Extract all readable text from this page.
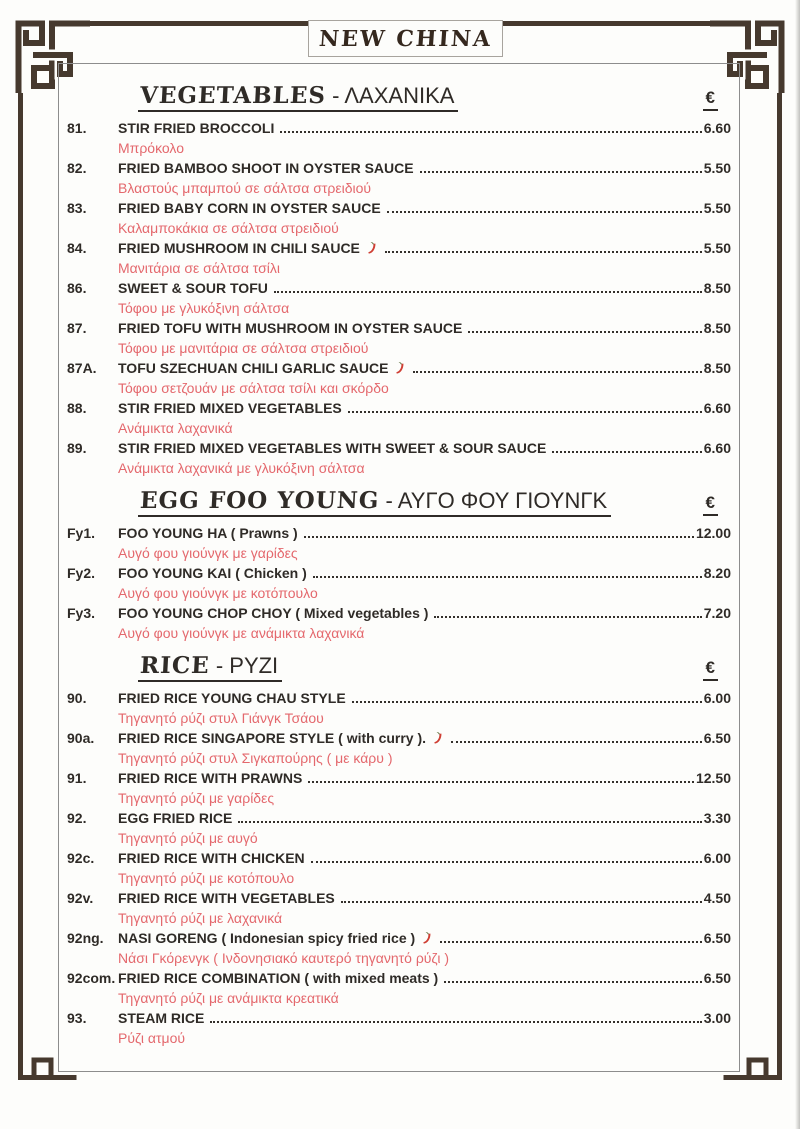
NEW CHINA
VEGETABLES - ΛΑΧΑΝΙΚΑ	€
81.	STIR FRIED BROCCOLI	6.60
Μπρόκολο
82.	FRIED BAMBOO SHOOT IN OYSTER SAUCE	5.50
Βλαστούς μπαμπού σε σάλτσα στρειδιού
83.	FRIED BABY CORN IN OYSTER SAUCE	5.50
Καλαμποκάκια σε σάλτσα στρειδιού
84.	FRIED MUSHROOM IN CHILI SAUCE	5.50
Μανιτάρια σε σάλτσα τσίλι
86.	SWEET & SOUR TOFU	8.50
Τόφου με γλυκόξινη σάλτσα
87.	FRIED TOFU WITH MUSHROOM IN OYSTER SAUCE	8.50
Τόφου με μανιτάρια σε σάλτσα στρειδιού
87A.	TOFU SZECHUAN CHILI GARLIC SAUCE	8.50
Τόφου σετζουάν με σάλτσα τσίλι και σκόρδο
88.	STIR FRIED MIXED VEGETABLES	6.60
Ανάμικτα λαχανικά
89.	STIR FRIED MIXED VEGETABLES WITH SWEET & SOUR SAUCE	6.60
Ανάμικτα λαχανικά με γλυκόξινη σάλτσα
EGG FOO YOUNG - ΑΥΓΟ ΦΟΥ ΓΙΟΥΝΓΚ	€
Fy1.	FOO YOUNG HA ( Prawns )	12.00
Αυγό φου γιούνγκ με γαρίδες
Fy2.	FOO YOUNG KAI ( Chicken )	8.20
Αυγό φου γιούνγκ με κοτόπουλο
Fy3.	FOO YOUNG CHOP CHOY ( Mixed vegetables )	7.20
Αυγό φου γιούνγκ με ανάμικτα λαχανικά
RICE - ΡΥΖΙ	€
90.	FRIED RICE YOUNG CHAU STYLE	6.00
Τηγανητό ρύζι στυλ Γιάνγκ Τσάου
90a.	FRIED RICE SINGAPORE STYLE ( with curry ).	6.50
Τηγανητό ρύζι στυλ Σιγκαπούρης ( με κάρυ )
91.	FRIED RICE WITH PRAWNS	12.50
Τηγανητό ρύζι με γαρίδες
92.	EGG FRIED RICE	3.30
Τηγανητό ρύζι με αυγό
92c.	FRIED RICE WITH CHICKEN	6.00
Τηγανητό ρύζι με κοτόπουλο
92v.	FRIED RICE WITH VEGETABLES	4.50
Τηγανητό ρύζι με λαχανικά
92ng.	NASI GORENG ( Indonesian spicy fried rice )	6.50
Νάσι Γκόρενγκ ( Ινδονησιακό καυτερό τηγανητό ρύζι )
92com. FRIED RICE COMBINATION ( with mixed meats )	6.50
Τηγανητό ρύζι με ανάμικτα κρεατικά
93.	STEAM RICE	3.00
Ρύζι ατμού
